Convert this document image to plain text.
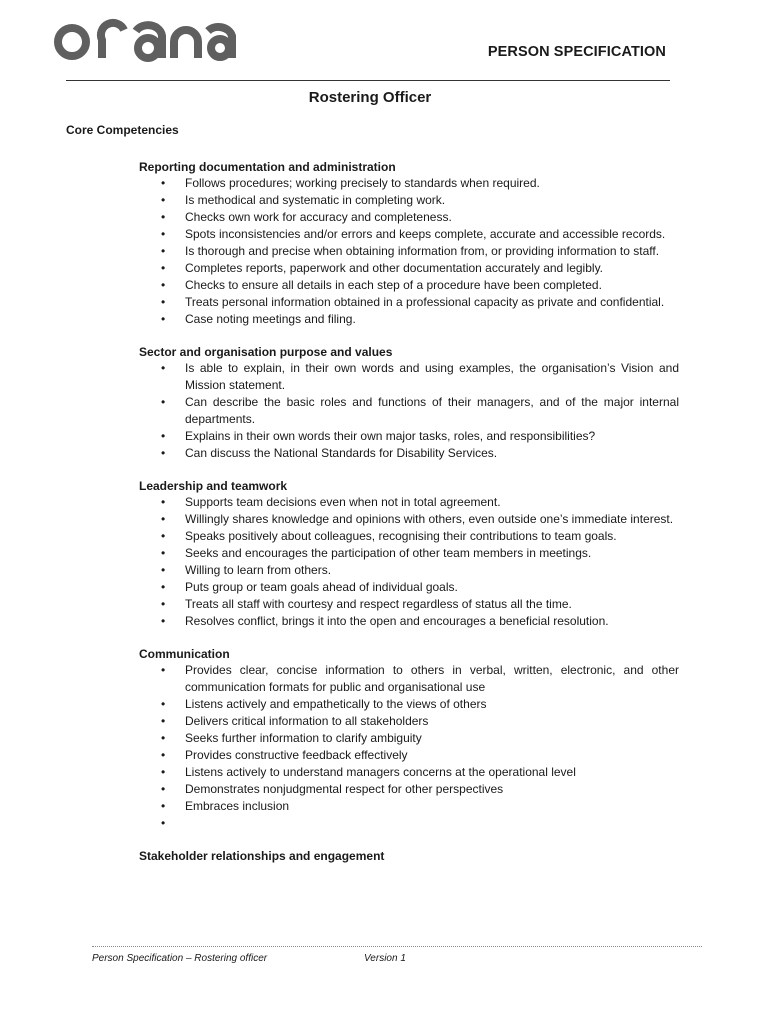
PERSON SPECIFICATION
Rostering Officer
Core Competencies
Reporting documentation and administration
• Follows procedures; working precisely to standards when required.
• Is methodical and systematic in completing work.
• Checks own work for accuracy and completeness.
• Spots inconsistencies and/or errors and keeps complete, accurate and accessible records.
• Is thorough and precise when obtaining information from, or providing information to staff.
• Completes reports, paperwork and other documentation accurately and legibly.
• Checks to ensure all details in each step of a procedure have been completed.
• Treats personal information obtained in a professional capacity as private and confidential.
• Case noting meetings and filing.
Sector and organisation purpose and values
• Is able to explain, in their own words and using examples, the organisation’s Vision and Mission statement.
• Can describe the basic roles and functions of their managers, and of the major internal departments.
• Explains in their own words their own major tasks, roles, and responsibilities?
• Can discuss the National Standards for Disability Services.
Leadership and teamwork
• Supports team decisions even when not in total agreement.
• Willingly shares knowledge and opinions with others, even outside one’s immediate interest.
• Speaks positively about colleagues, recognising their contributions to team goals.
• Seeks and encourages the participation of other team members in meetings.
• Willing to learn from others.
• Puts group or team goals ahead of individual goals.
• Treats all staff with courtesy and respect regardless of status all the time.
• Resolves conflict, brings it into the open and encourages a beneficial resolution.
Communication
• Provides clear, concise information to others in verbal, written, electronic, and other communication formats for public and organisational use
• Listens actively and empathetically to the views of others
• Delivers critical information to all stakeholders
• Seeks further information to clarify ambiguity
• Provides constructive feedback effectively
• Listens actively to understand managers concerns at the operational level
• Demonstrates nonjudgmental respect for other perspectives
• Embraces inclusion
•
Stakeholder relationships and engagement
Person Specification – Rostering officer	Version 1
